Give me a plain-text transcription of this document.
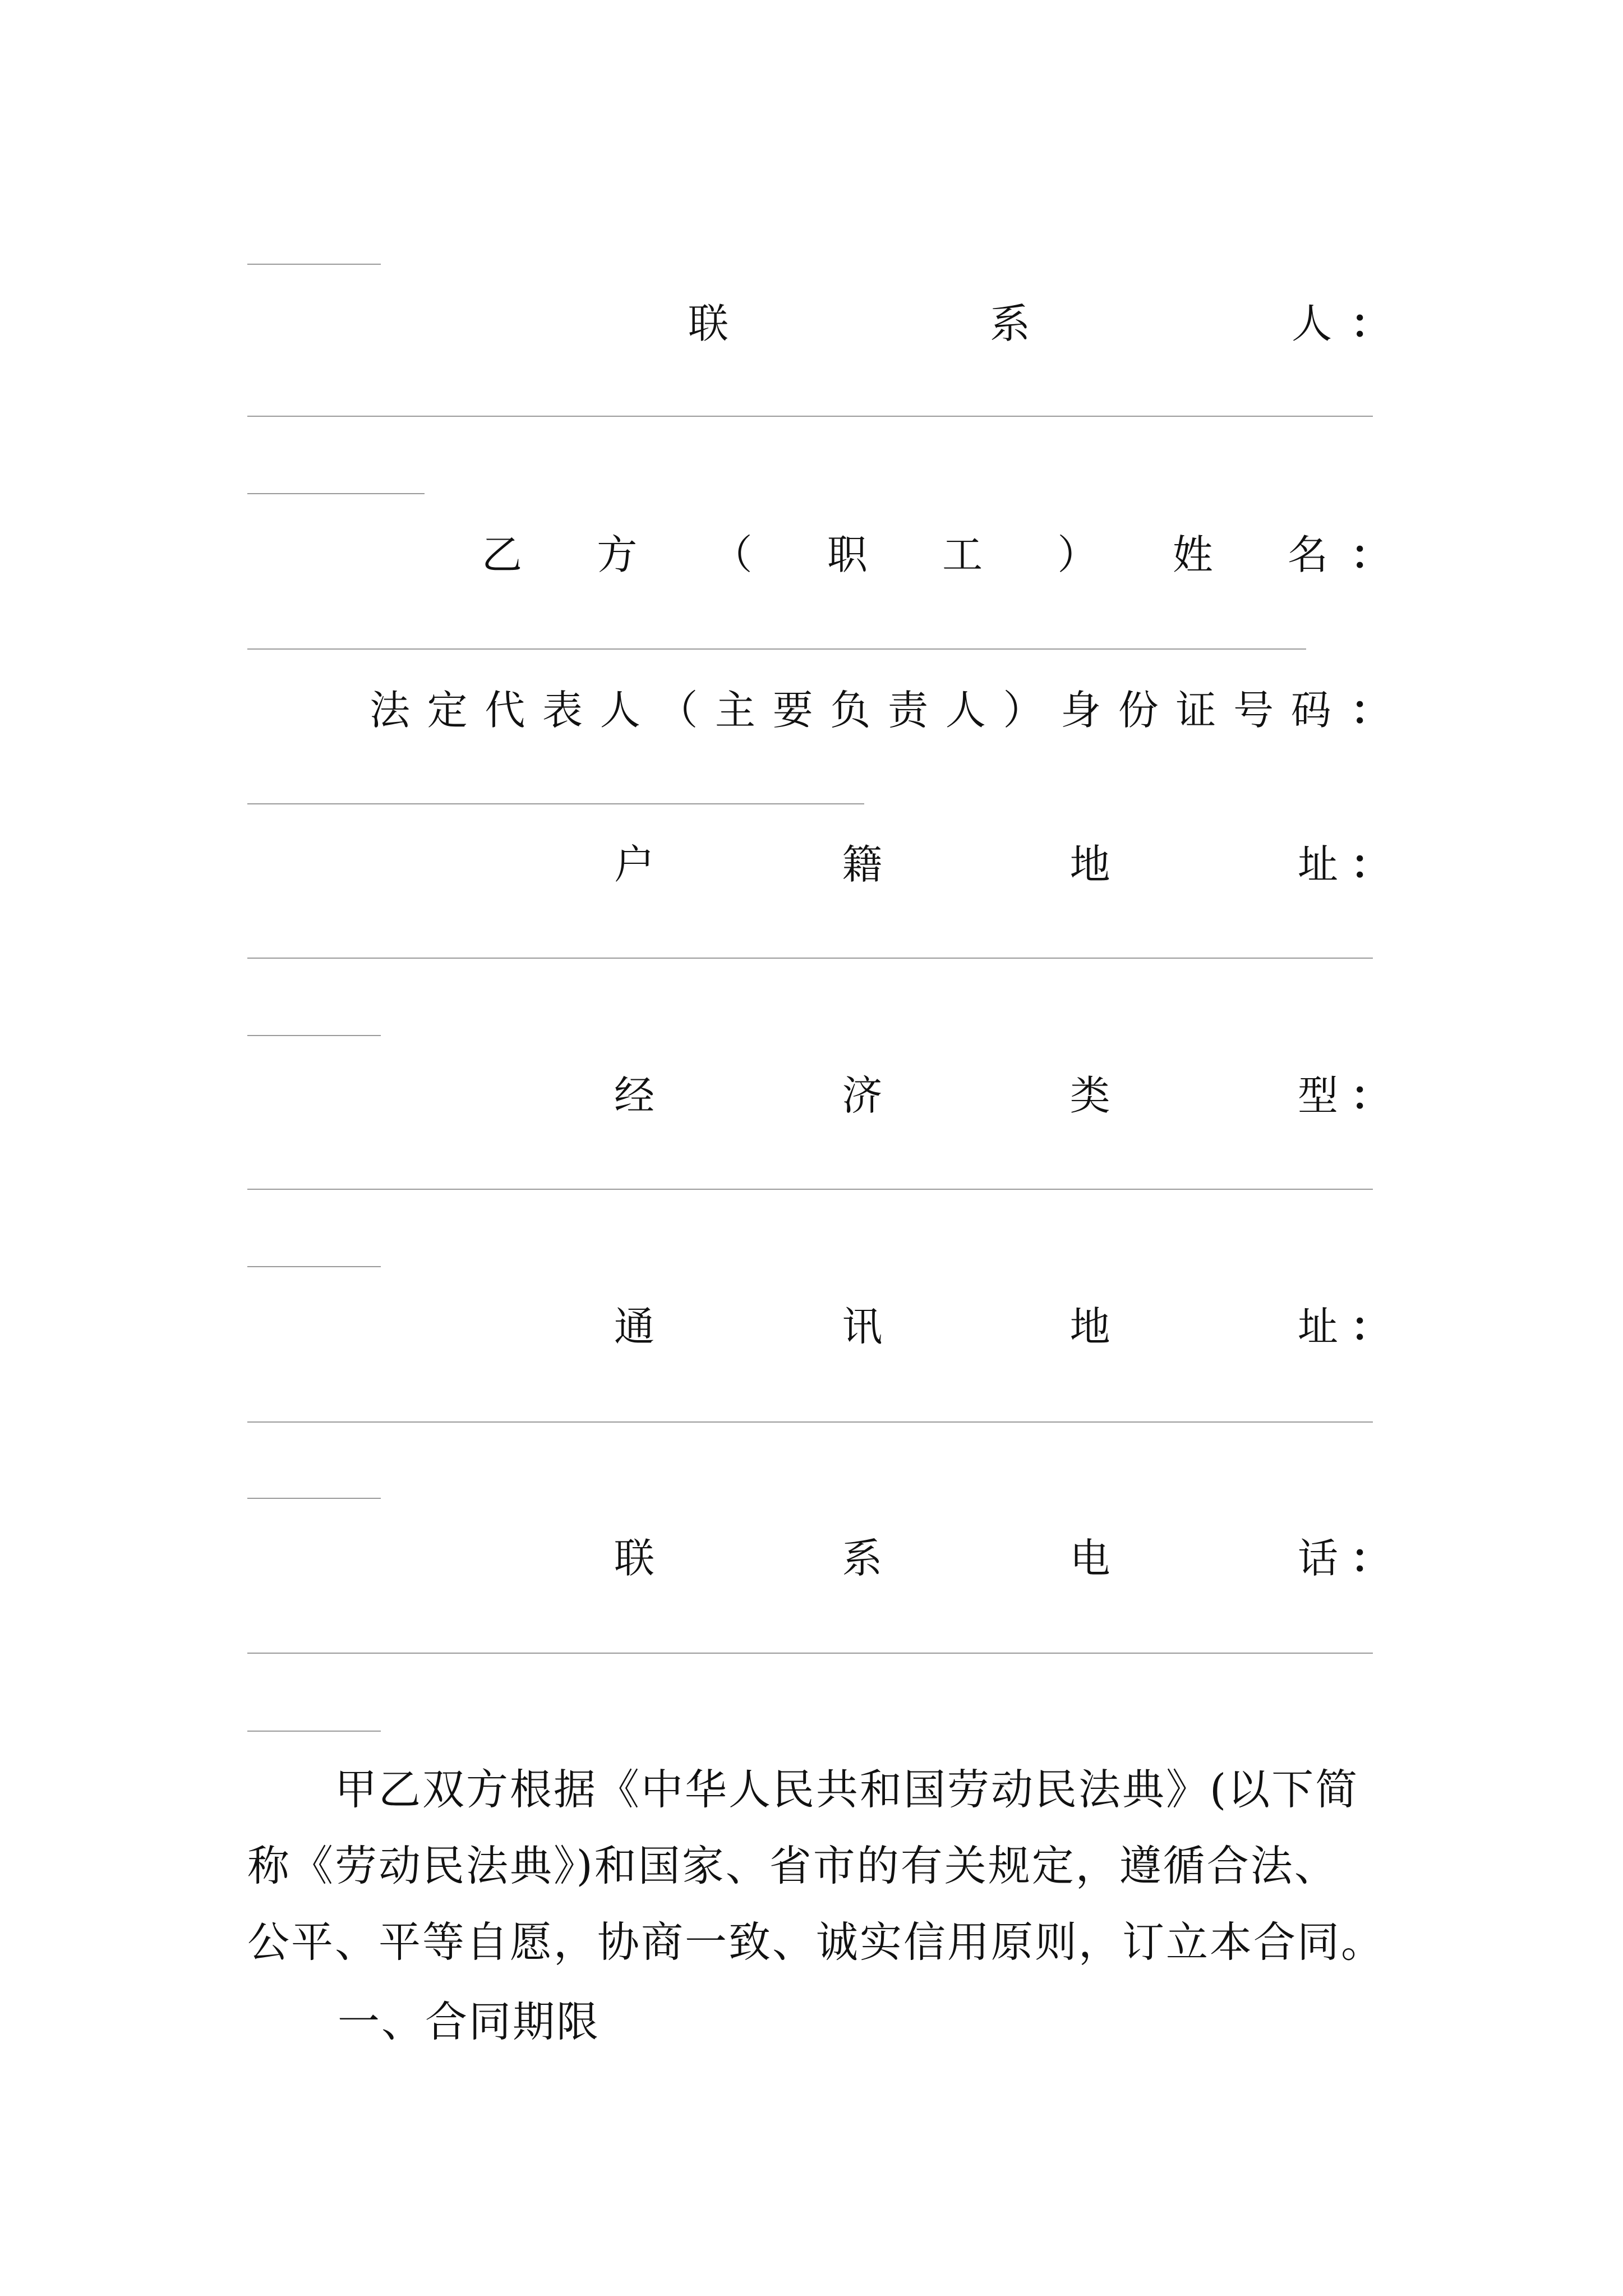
联	系	人 ：
乙 方 （ 职 工 ） 姓 名 ：
法 定 代 表 人 （ 主 要 负 责 人 ） 身 份 证 号 码 ：
户	籍	地	址 ：
经	济	类	型 ：
通	讯	地	址 ：
联	系	电	话 ：
　　甲乙双方根据《中华人民共和国劳动民法典》(以下简
称《劳动民法典》)和国家、省市的有关规定，遵循合法、
公平、平等自愿，协商一致、诚实信用原则，订立本合同。
一、合同期限
